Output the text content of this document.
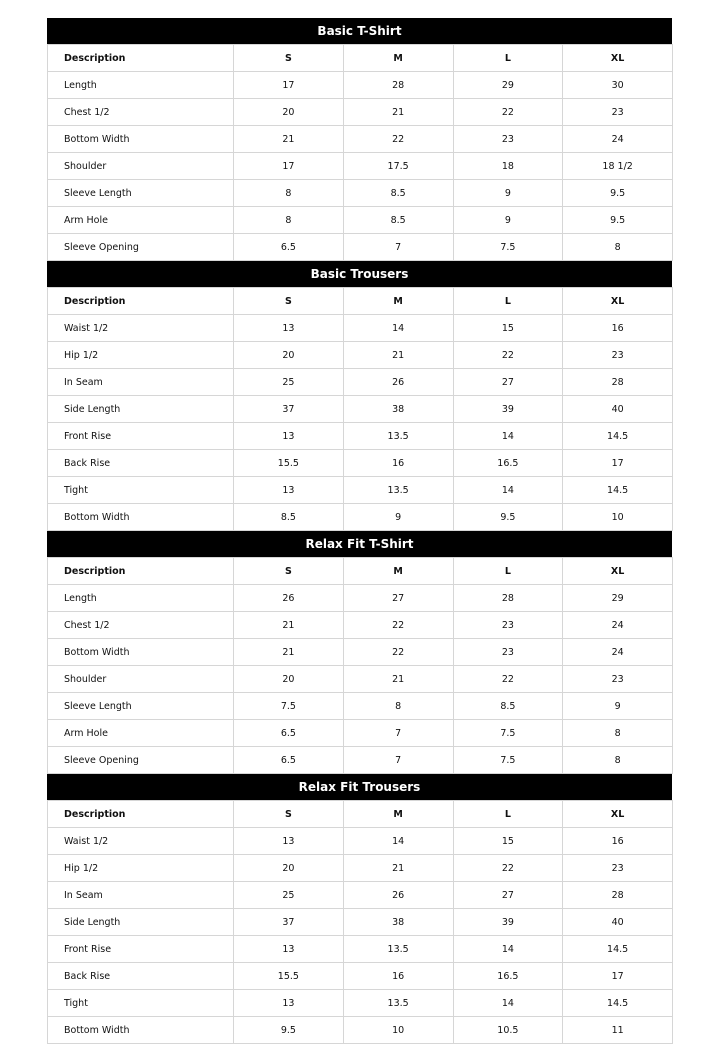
Basic T-Shirt
Description	S	M	L	XL
Length	17	28	29	30
Chest 1/2	20	21	22	23
Bottom Width	21	22	23	24
Shoulder	17	17.5	18	18 1/2
Sleeve Length	8	8.5	9	9.5
Arm Hole	8	8.5	9	9.5
Sleeve Opening	6.5	7	7.5	8
Basic Trousers
Description	S	M	L	XL
Waist 1/2	13	14	15	16
Hip 1/2	20	21	22	23
In Seam	25	26	27	28
Side Length	37	38	39	40
Front Rise	13	13.5	14	14.5
Back Rise	15.5	16	16.5	17
Tight	13	13.5	14	14.5
Bottom Width	8.5	9	9.5	10
Relax Fit T-Shirt
Description	S	M	L	XL
Length	26	27	28	29
Chest 1/2	21	22	23	24
Bottom Width	21	22	23	24
Shoulder	20	21	22	23
Sleeve Length	7.5	8	8.5	9
Arm Hole	6.5	7	7.5	8
Sleeve Opening	6.5	7	7.5	8
Relax Fit Trousers
Description	S	M	L	XL
Waist 1/2	13	14	15	16
Hip 1/2	20	21	22	23
In Seam	25	26	27	28
Side Length	37	38	39	40
Front Rise	13	13.5	14	14.5
Back Rise	15.5	16	16.5	17
Tight	13	13.5	14	14.5
Bottom Width	9.5	10	10.5	11
